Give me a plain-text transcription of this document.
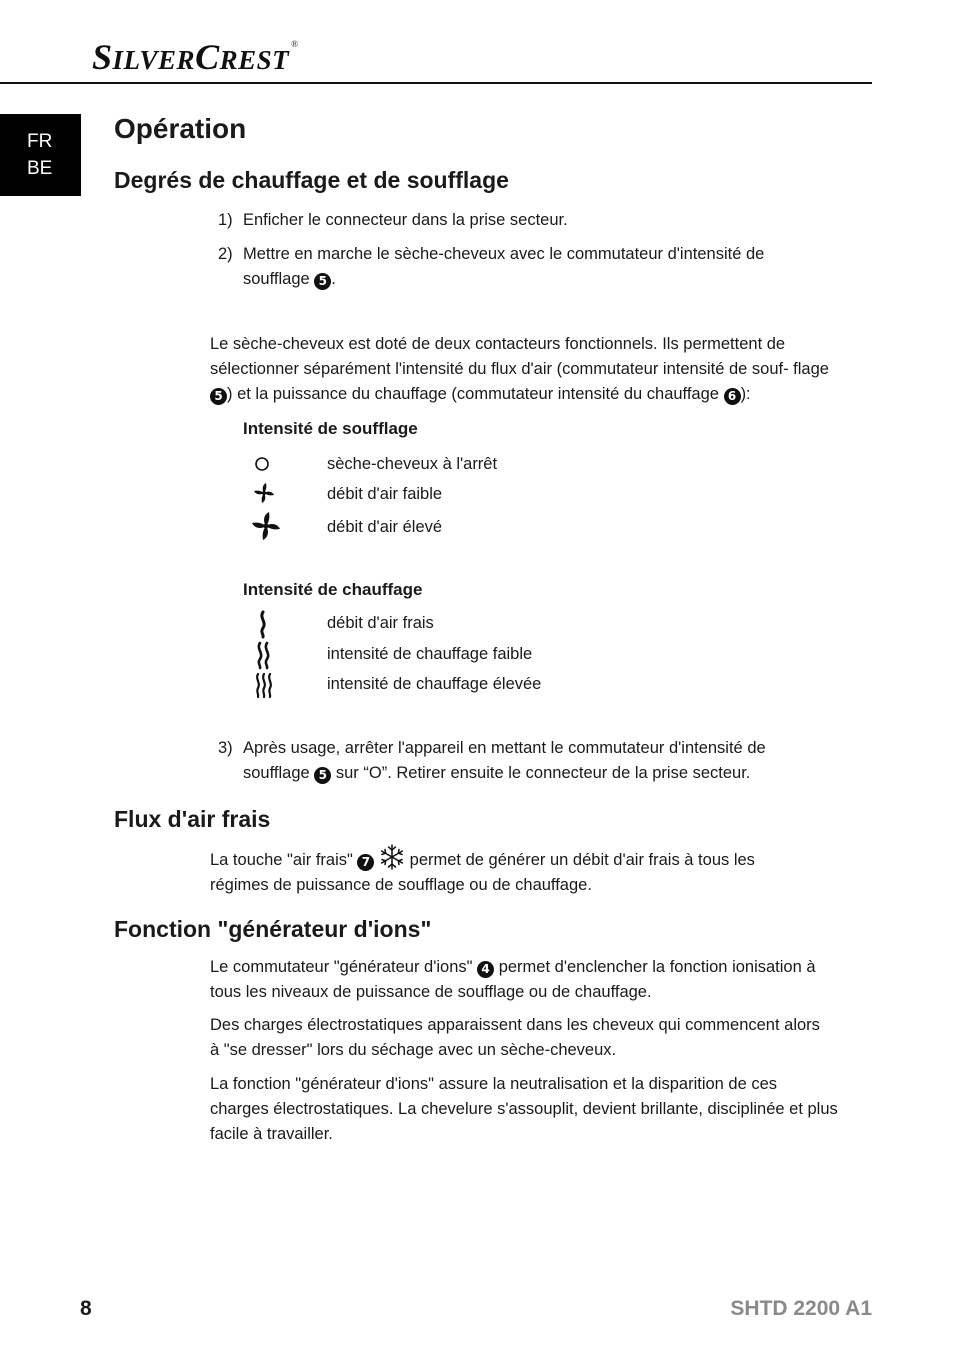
SILVERCREST®
FR
BE
Opération
Degrés de chauffage et de soufflage
1) Enficher le connecteur dans la prise secteur.
2) Mettre en marche le sèche-cheveux avec le commutateur d'intensité de soufflage 5 .

Le sèche-cheveux est doté de deux contacteurs fonctionnels. Ils permettent de sélectionner séparément l'intensité du flux d'air (commutateur intensité de souf- flage 5 ) et la puissance du chauffage (commutateur intensité du chauffage 6 ):

Intensité de soufflage
sèche-cheveux à l'arrêt
débit d'air faible
débit d'air élevé
Intensité de chauffage
débit d'air frais
intensité de chauffage faible
intensité de chauffage élevée
3) Après usage, arrêter l'appareil en mettant le commutateur d'intensité de soufflage 5 sur “O”. Retirer ensuite le connecteur de la prise secteur.
Flux d'air frais

La touche "air frais" 7 permet de générer un débit d'air frais à tous les régimes de puissance de soufflage ou de chauffage.

Fonction "générateur d'ions"

Le commutateur "générateur d'ions" 4 permet d'enclencher la fonction ionisation à tous les niveaux de puissance de soufflage ou de chauffage.

Des charges électrostatiques apparaissent dans les cheveux qui commencent alors à "se dresser" lors du séchage avec un sèche-cheveux.

La fonction "générateur d'ions" assure la neutralisation et la disparition de ces charges électrostatiques. La chevelure s'assouplit, devient brillante, disciplinée et plus facile à travailler.

8	SHTD 2200 A1
